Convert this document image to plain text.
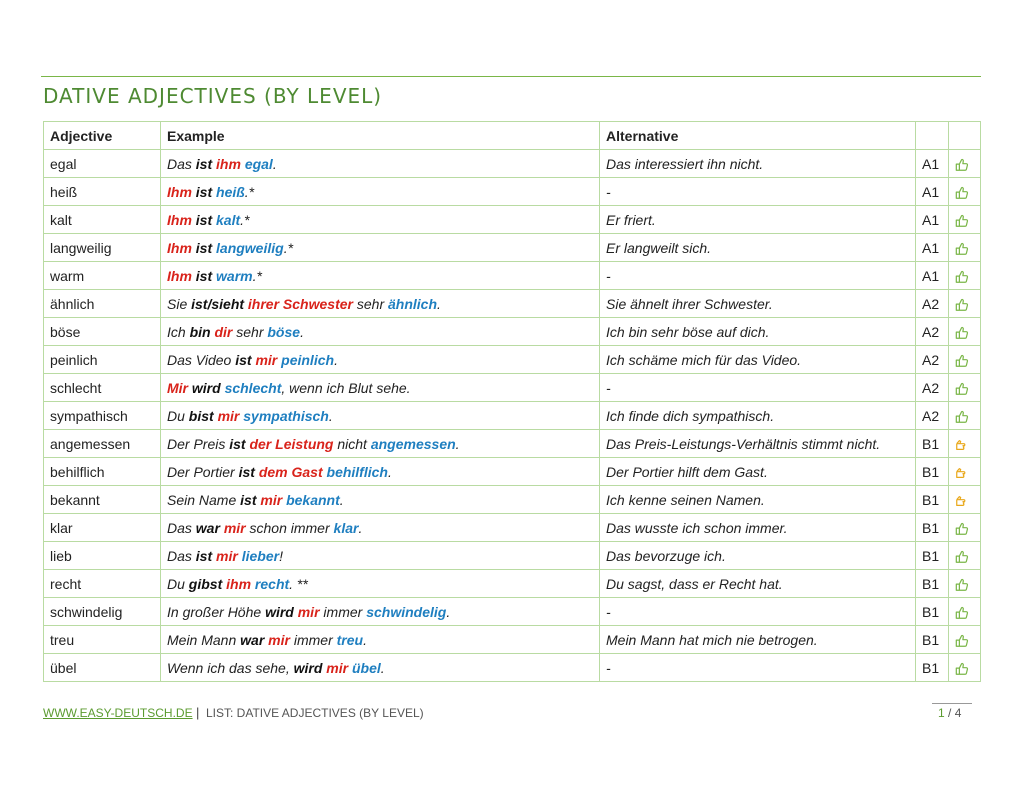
DATIVE ADJECTIVES (BY LEVEL)
Adjective	Example	Alternative		
egal	Das ist ihm egal.	Das interessiert ihn nicht.	A1	
heiß	Ihm ist heiß.*	-	A1	
kalt	Ihm ist kalt.*	Er friert.	A1	
langweilig	Ihm ist langweilig.*	Er langweilt sich.	A1	
warm	Ihm ist warm.*	-	A1	
ähnlich	Sie ist/sieht ihrer Schwester sehr ähnlich.	Sie ähnelt ihrer Schwester.	A2	
böse	Ich bin dir sehr böse.	Ich bin sehr böse auf dich.	A2	
peinlich	Das Video ist mir peinlich.	Ich schäme mich für das Video.	A2	
schlecht	Mir wird schlecht, wenn ich Blut sehe.	-	A2	
sympathisch	Du bist mir sympathisch.	Ich finde dich sympathisch.	A2	
angemessen	Der Preis ist der Leistung nicht angemessen.	Das Preis-Leistungs-Verhältnis stimmt nicht.	B1	
behilflich	Der Portier ist dem Gast behilflich.	Der Portier hilft dem Gast.	B1	
bekannt	Sein Name ist mir bekannt.	Ich kenne seinen Namen.	B1	
klar	Das war mir schon immer klar.	Das wusste ich schon immer.	B1	
lieb	Das ist mir lieber!	Das bevorzuge ich.	B1	
recht	Du gibst ihm recht. **	Du sagst, dass er Recht hat.	B1	
schwindelig	In großer Höhe wird mir immer schwindelig.	-	B1	
treu	Mein Mann war mir immer treu.	Mein Mann hat mich nie betrogen.	B1	
übel	Wenn ich das sehe, wird mir übel.	-	B1	
WWW.EASY-DEUTSCH.DE | LIST: DATIVE ADJECTIVES (BY LEVEL)	1 / 4
